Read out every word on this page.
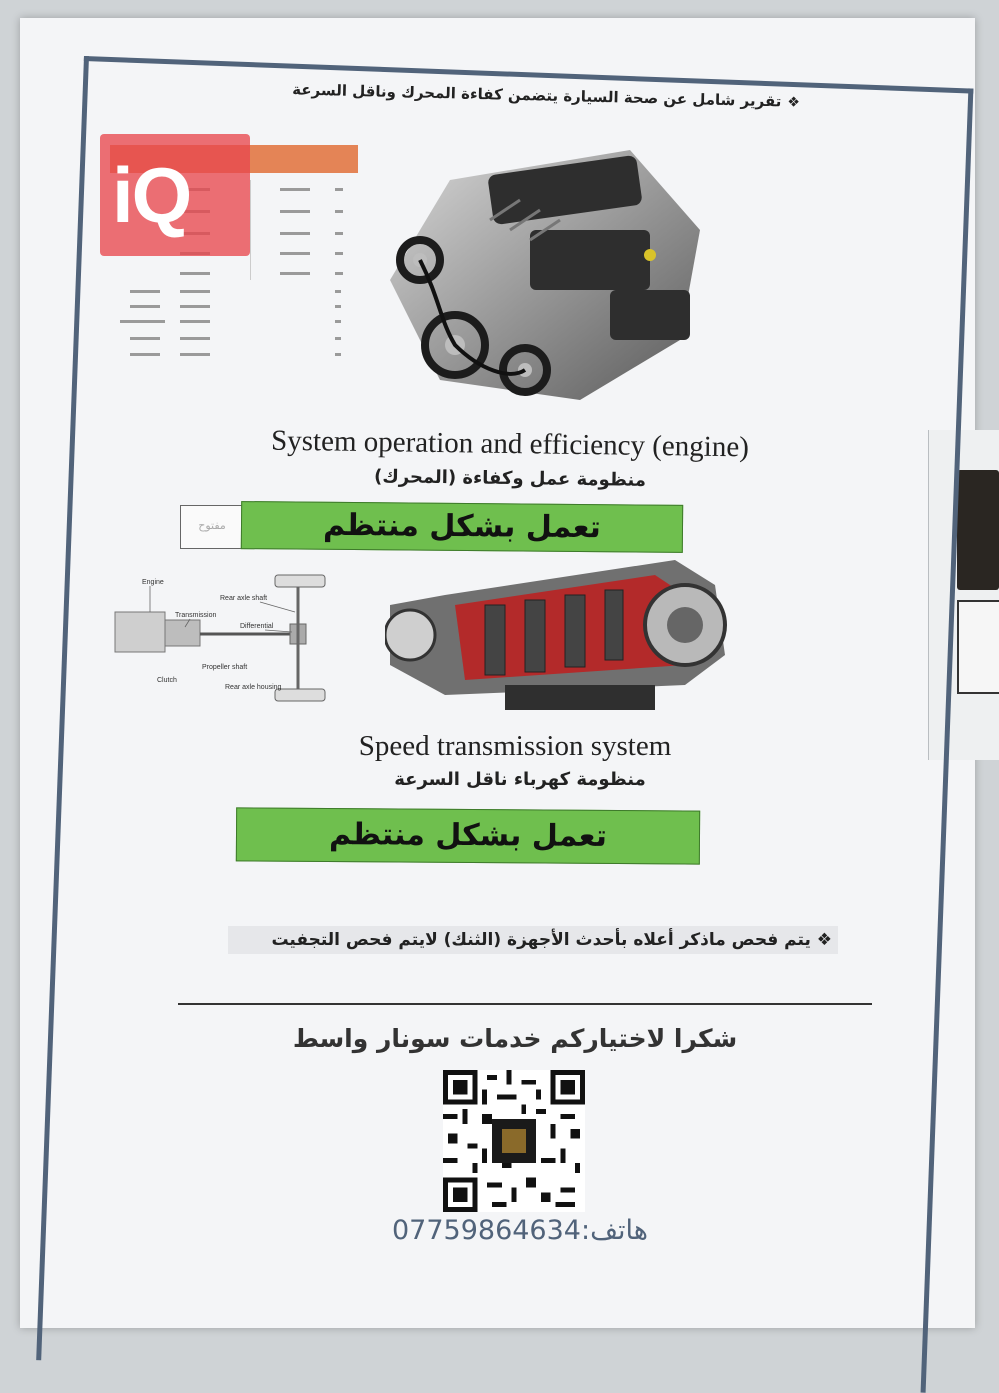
❖تقرير شامل عن صحة السيارة يتضمن كفاءة المحرك وناقل السرعة
iQ
System operation and efficiency (engine)
منظومة عمل وكفاءة (المحرك)
مفتوح	تعمل بشكل منتظم
Engine
Transmission
Rear axle shaft
Differential
Propeller shaft
Clutch
Rear axle housing
Speed transmission system
منظومة كهرباء ناقل السرعة
تعمل بشكل منتظم
❖ يتم فحص ماذكر أعلاه بأحدث الأجهزة (الثنك) لايتم فحص التجفيت
شكرا لاختياركم خدمات سونار واسط
هاتف:07759864634
